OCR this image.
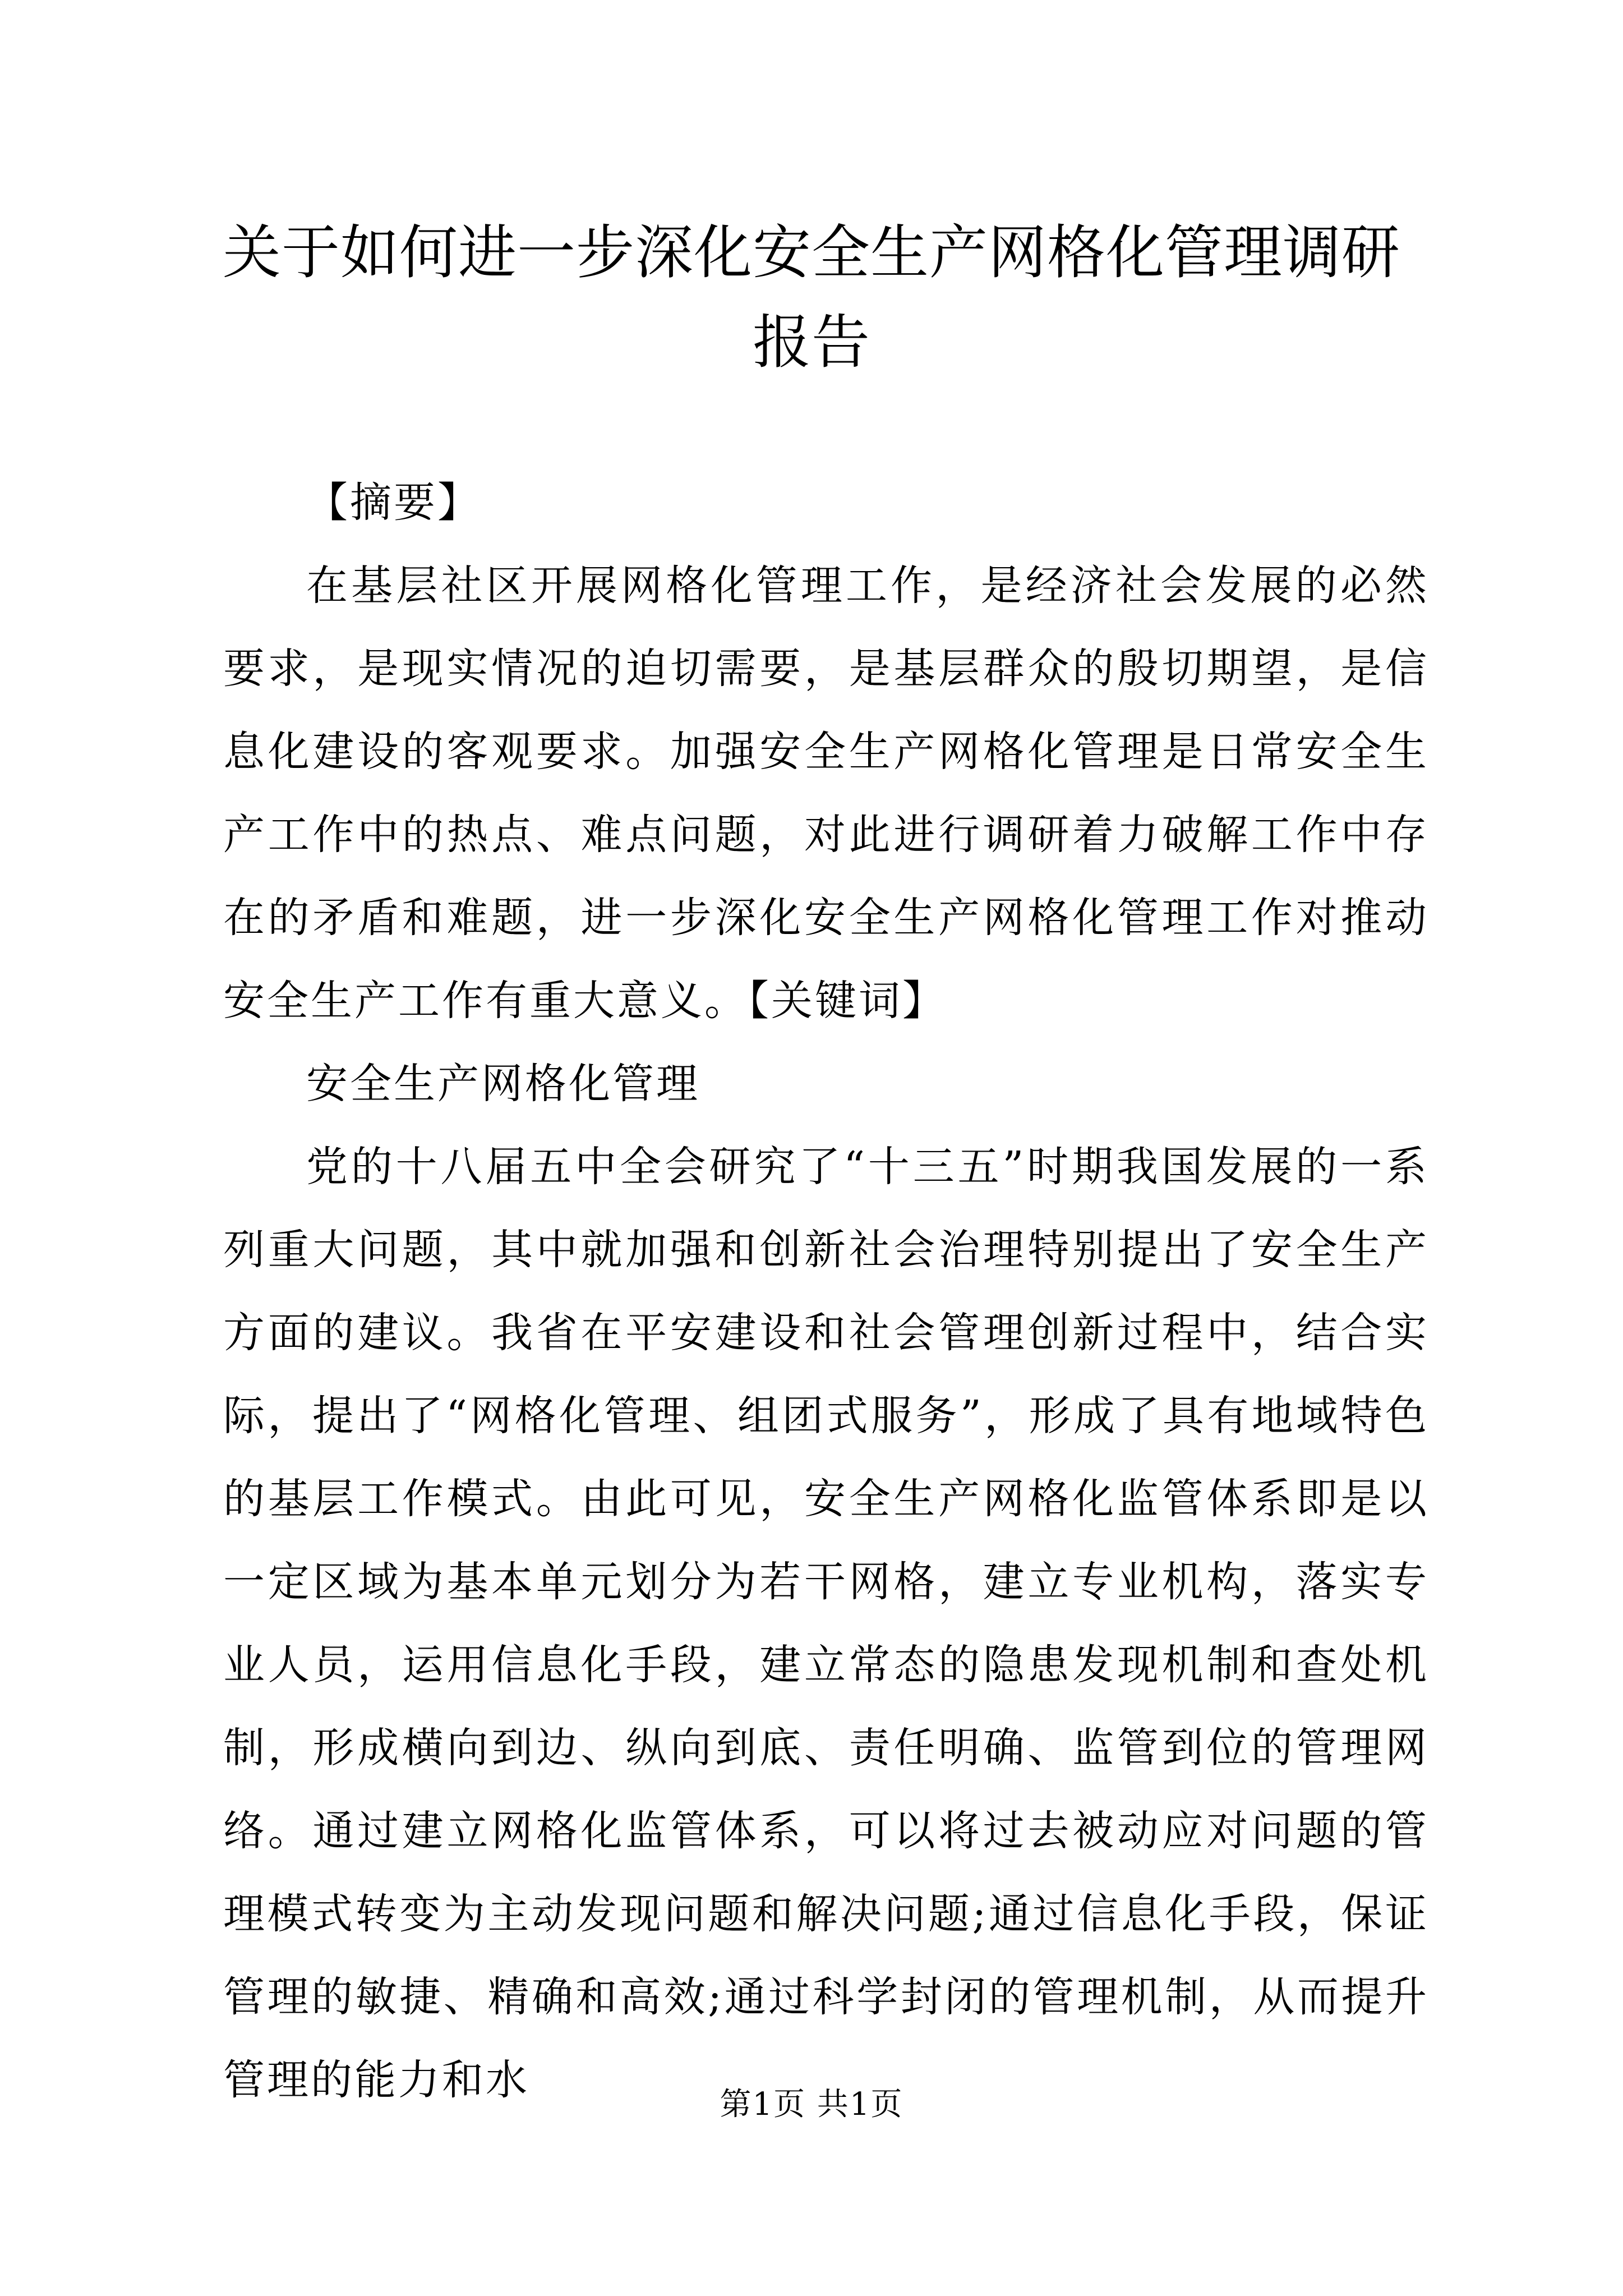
关于如何进一步深化安全生产网格化管理调研
报告

【摘要】

在基层社区开展网格化管理工作，是经济社会发展的必然要求，是现实情况的迫切需要，是基层群众的殷切期望，是信息化建设的客观要求。加强安全生产网格化管理是日常安全生产工作中的热点、难点问题，对此进行调研着力破解工作中存在的矛盾和难题，进一步深化安全生产网格化管理工作对推动安全生产工作有重大意义。【关键词】

安全生产网格化管理

党的十八届五中全会研究了“十三五”时期我国发展的一系列重大问题，其中就加强和创新社会治理特别提出了安全生产方面的建议。我省在平安建设和社会管理创新过程中，结合实际，提出了“网格化管理、组团式服务”，形成了具有地域特色的基层工作模式。由此可见，安全生产网格化监管体系即是以一定区域为基本单元划分为若干网格，建立专业机构，落实专业人员，运用信息化手段，建立常态的隐患发现机制和查处机制，形成横向到边、纵向到底、责任明确、监管到位的管理网络。通过建立网格化监管体系，可以将过去被动应对问题的管理模式转变为主动发现问题和解决问题;通过信息化手段，保证管理的敏捷、精确和高效;通过科学封闭的管理机制，从而提升管理的能力和水

第1页 共1页
